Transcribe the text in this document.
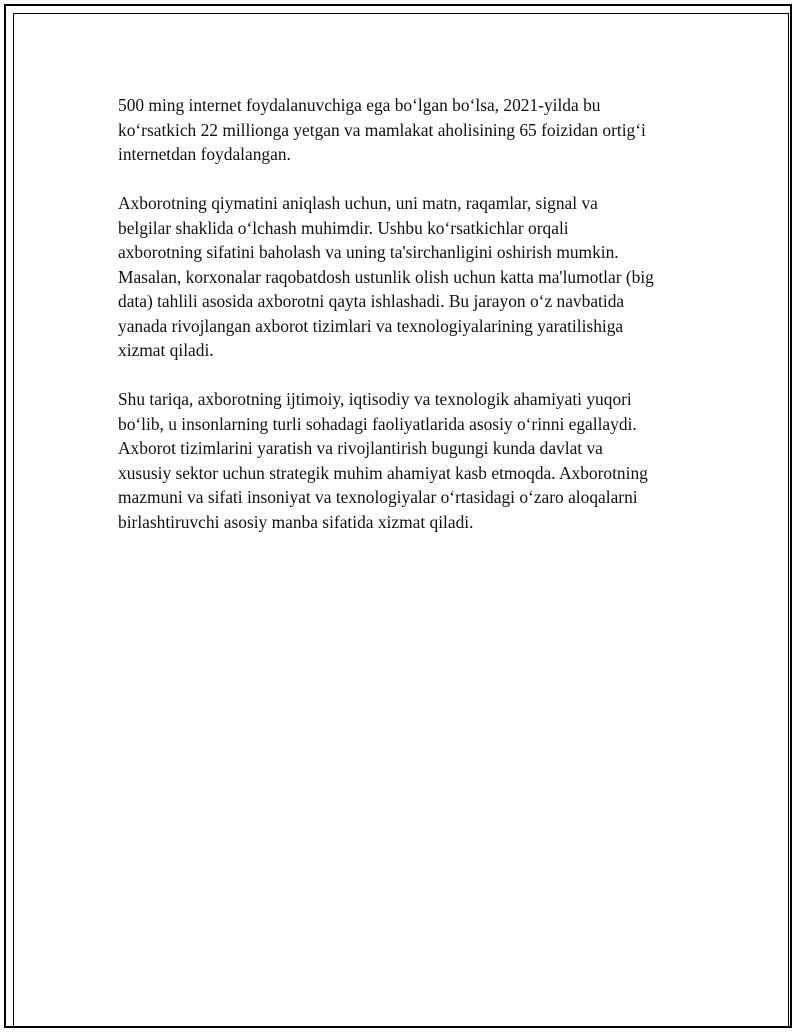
500 ming internet foydalanuvchiga ega bo‘lgan bo‘lsa, 2021-yilda bu
ko‘rsatkich 22 millionga yetgan va mamlakat aholisining 65 foizidan ortig‘i
internetdan foydalangan.

Axborotning qiymatini aniqlash uchun, uni matn, raqamlar, signal va
belgilar shaklida o‘lchash muhimdir. Ushbu ko‘rsatkichlar orqali
axborotning sifatini baholash va uning ta'sirchanligini oshirish mumkin.
Masalan, korxonalar raqobatdosh ustunlik olish uchun katta ma'lumotlar (big
data) tahlili asosida axborotni qayta ishlashadi. Bu jarayon o‘z navbatida
yanada rivojlangan axborot tizimlari va texnologiyalarining yaratilishiga
xizmat qiladi.

Shu tariqa, axborotning ijtimoiy, iqtisodiy va texnologik ahamiyati yuqori
bo‘lib, u insonlarning turli sohadagi faoliyatlarida asosiy o‘rinni egallaydi.
Axborot tizimlarini yaratish va rivojlantirish bugungi kunda davlat va
xususiy sektor uchun strategik muhim ahamiyat kasb etmoqda. Axborotning
mazmuni va sifati insoniyat va texnologiyalar o‘rtasidagi o‘zaro aloqalarni
birlashtiruvchi asosiy manba sifatida xizmat qiladi.
